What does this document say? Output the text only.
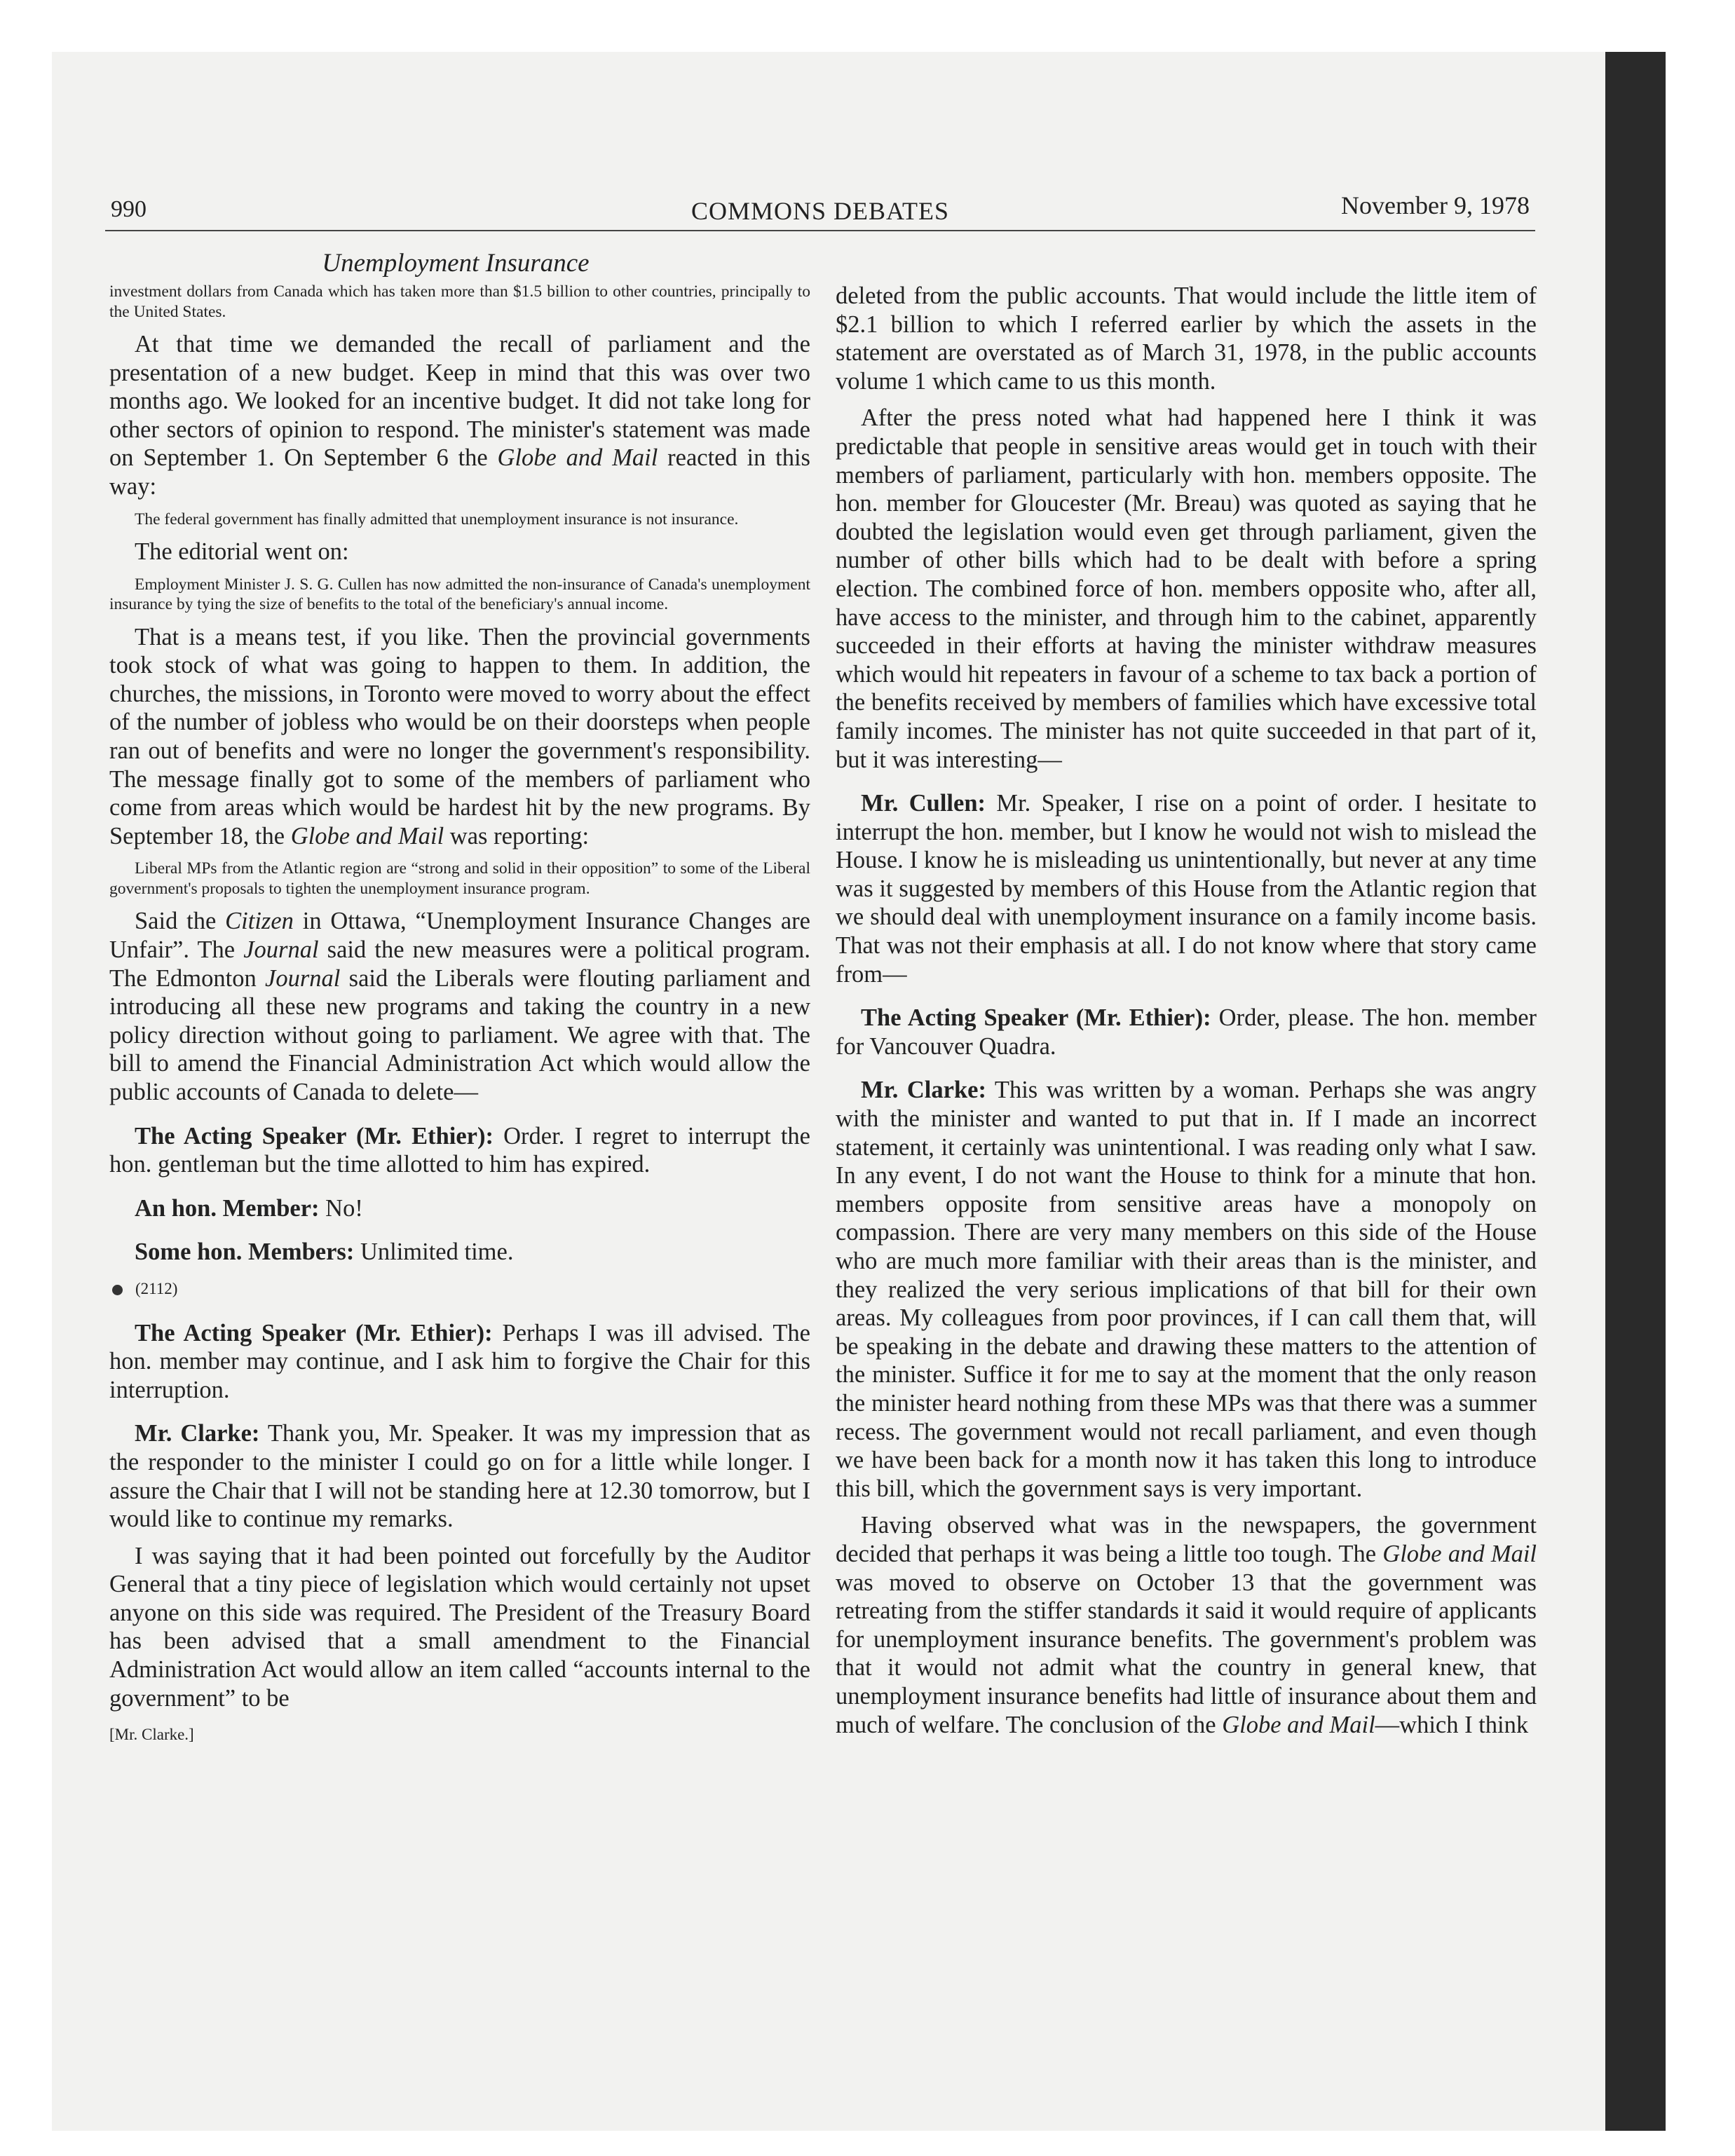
990	COMMONS DEBATES	November 9, 1978
Unemployment Insurance

investment dollars from Canada which has taken more than $1.5 billion to other countries, principally to the United States.

At that time we demanded the recall of parliament and the presentation of a new budget. Keep in mind that this was over two months ago. We looked for an incentive budget. It did not take long for other sectors of opinion to respond. The minister's statement was made on September 1. On September 6 the Globe and Mail reacted in this way:

The federal government has finally admitted that unemployment insurance is not insurance.

The editorial went on:

Employment Minister J. S. G. Cullen has now admitted the non-insurance of Canada's unemployment insurance by tying the size of benefits to the total of the beneficiary's annual income.

That is a means test, if you like. Then the provincial governments took stock of what was going to happen to them. In addition, the churches, the missions, in Toronto were moved to worry about the effect of the number of jobless who would be on their doorsteps when people ran out of benefits and were no longer the government's responsibility. The message finally got to some of the members of parliament who come from areas which would be hardest hit by the new programs. By September 18, the Globe and Mail was reporting:

Liberal MPs from the Atlantic region are “strong and solid in their opposition” to some of the Liberal government's proposals to tighten the unemployment insurance program.

Said the Citizen in Ottawa, “Unemployment Insurance Changes are Unfair”. The Journal said the new measures were a political program. The Edmonton Journal said the Liberals were flouting parliament and introducing all these new programs and taking the country in a new policy direction without going to parliament. We agree with that. The bill to amend the Financial Administration Act which would allow the public accounts of Canada to delete—

The Acting Speaker (Mr. Ethier): Order. I regret to interrupt the hon. gentleman but the time allotted to him has expired.

An hon. Member: No!

Some hon. Members: Unlimited time.

(2112)

The Acting Speaker (Mr. Ethier): Perhaps I was ill advised. The hon. member may continue, and I ask him to forgive the Chair for this interruption.

Mr. Clarke: Thank you, Mr. Speaker. It was my impression that as the responder to the minister I could go on for a little while longer. I assure the Chair that I will not be standing here at 12.30 tomorrow, but I would like to continue my remarks.

I was saying that it had been pointed out forcefully by the Auditor General that a tiny piece of legislation which would certainly not upset anyone on this side was required. The President of the Treasury Board has been advised that a small amendment to the Financial Administration Act would allow an item called “accounts internal to the government” to be

[Mr. Clarke.]

deleted from the public accounts. That would include the little item of $2.1 billion to which I referred earlier by which the assets in the statement are overstated as of March 31, 1978, in the public accounts volume 1 which came to us this month.

After the press noted what had happened here I think it was predictable that people in sensitive areas would get in touch with their members of parliament, particularly with hon. members opposite. The hon. member for Gloucester (Mr. Breau) was quoted as saying that he doubted the legislation would even get through parliament, given the number of other bills which had to be dealt with before a spring election. The combined force of hon. members opposite who, after all, have access to the minister, and through him to the cabinet, apparently succeeded in their efforts at having the minister withdraw measures which would hit repeaters in favour of a scheme to tax back a portion of the benefits received by members of families which have excessive total family incomes. The minister has not quite succeeded in that part of it, but it was interesting—

Mr. Cullen: Mr. Speaker, I rise on a point of order. I hesitate to interrupt the hon. member, but I know he would not wish to mislead the House. I know he is misleading us unintentionally, but never at any time was it suggested by members of this House from the Atlantic region that we should deal with unemployment insurance on a family income basis. That was not their emphasis at all. I do not know where that story came from—

The Acting Speaker (Mr. Ethier): Order, please. The hon. member for Vancouver Quadra.

Mr. Clarke: This was written by a woman. Perhaps she was angry with the minister and wanted to put that in. If I made an incorrect statement, it certainly was unintentional. I was reading only what I saw. In any event, I do not want the House to think for a minute that hon. members opposite from sensitive areas have a monopoly on compassion. There are very many members on this side of the House who are much more familiar with their areas than is the minister, and they realized the very serious implications of that bill for their own areas. My colleagues from poor provinces, if I can call them that, will be speaking in the debate and drawing these matters to the attention of the minister. Suffice it for me to say at the moment that the only reason the minister heard nothing from these MPs was that there was a summer recess. The government would not recall parliament, and even though we have been back for a month now it has taken this long to introduce this bill, which the government says is very important.

Having observed what was in the newspapers, the government decided that perhaps it was being a little too tough. The Globe and Mail was moved to observe on October 13 that the government was retreating from the stiffer standards it said it would require of applicants for unemployment insurance benefits. The government's problem was that it would not admit what the country in general knew, that unemployment insurance benefits had little of insurance about them and much of welfare. The conclusion of the Globe and Mail—which I think
